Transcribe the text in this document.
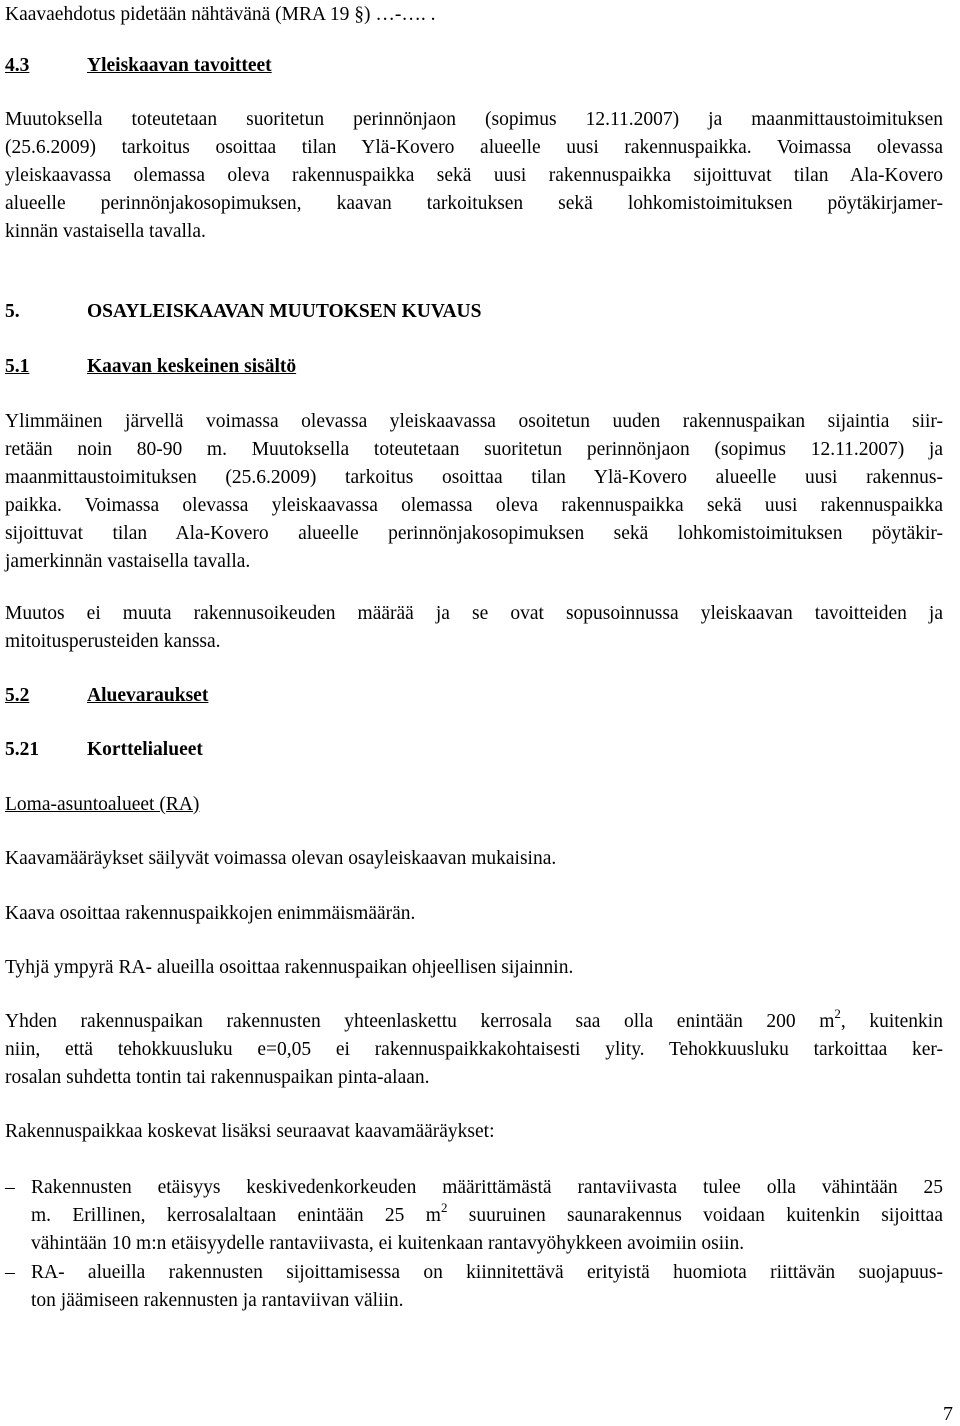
Kaavaehdotus pidetään nähtävänä (MRA 19 §) …-…. .
4.3	Yleiskaavan tavoitteet
Muutoksella toteutetaan suoritetun perinnönjaon (sopimus 12.11.2007) ja maanmittaustoimituksen
(25.6.2009) tarkoitus osoittaa tilan Ylä-Kovero alueelle uusi rakennuspaikka. Voimassa olevassa
yleiskaavassa olemassa oleva rakennuspaikka sekä uusi rakennuspaikka sijoittuvat tilan Ala-Kovero
alueelle perinnönjakosopimuksen, kaavan tarkoituksen sekä lohkomistoimituksen pöytäkirjamer-
kinnän vastaisella tavalla.
5.	OSAYLEISKAAVAN MUUTOKSEN KUVAUS
5.1	Kaavan keskeinen sisältö
Ylimmäinen järvellä voimassa olevassa yleiskaavassa osoitetun uuden rakennuspaikan sijaintia siir-
retään noin 80-90 m. Muutoksella toteutetaan suoritetun perinnönjaon (sopimus 12.11.2007) ja
maanmittaustoimituksen (25.6.2009) tarkoitus osoittaa tilan Ylä-Kovero alueelle uusi rakennus-
paikka. Voimassa olevassa yleiskaavassa olemassa oleva rakennuspaikka sekä uusi rakennuspaikka
sijoittuvat tilan Ala-Kovero alueelle perinnönjakosopimuksen sekä lohkomistoimituksen pöytäkir-
jamerkinnän vastaisella tavalla.
Muutos ei muuta rakennusoikeuden määrää ja se ovat sopusoinnussa yleiskaavan tavoitteiden ja
mitoitusperusteiden kanssa.
5.2	Aluevaraukset
5.21 Korttelialueet
Loma-asuntoalueet (RA)
Kaavamääräykset säilyvät voimassa olevan osayleiskaavan mukaisina.
Kaava osoittaa rakennuspaikkojen enimmäismäärän.
Tyhjä ympyrä RA- alueilla osoittaa rakennuspaikan ohjeellisen sijainnin.
Yhden rakennuspaikan rakennusten yhteenlaskettu kerrosala saa olla enintään 200 $m^2$, kuitenkin
niin, että tehokkuusluku e=0,05 ei rakennuspaikkakohtaisesti ylity. Tehokkuusluku tarkoittaa ker-
rosalan suhdetta tontin tai rakennuspaikan pinta-alaan.
Rakennuspaikkaa koskevat lisäksi seuraavat kaavamääräykset:
– Rakennusten etäisyys keskivedenkorkeuden määrittämästä rantaviivasta tulee olla vähintään 25
m. Erillinen, kerrosalaltaan enintään 25 $m^2$ suuruinen saunarakennus voidaan kuitenkin sijoittaa
vähintään 10 m:n etäisyydelle rantaviivasta, ei kuitenkaan rantavyöhykkeen avoimiin osiin.
– RA- alueilla rakennusten sijoittamisessa on kiinnitettävä erityistä huomiota riittävän suojapuus-
ton jäämiseen rakennusten ja rantaviivan väliin.
7
